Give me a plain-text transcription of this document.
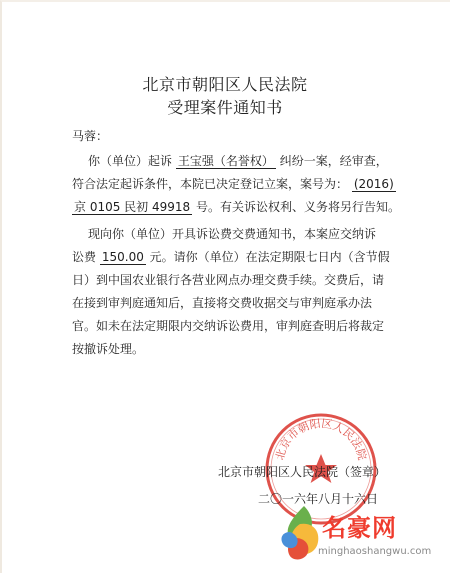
北京市朝阳区人民法院
受理案件通知书
马蓉：
你（单位）起诉 王宝强（名誉权） 纠纷一案，经审查，
符合法定起诉条件，本院已决定登记立案，案号为： (2016)
京 0105 民初 49918 号。有关诉讼权利、义务将另行告知。
现向你（单位）开具诉讼费交费通知书，本案应交纳诉
讼费 150.00 元。请你（单位）在法定期限七日内（含节假
日）到中国农业银行各营业网点办理交费手续。交费后，请
在接到审判庭通知后，直接将交费收据交与审判庭承办法
官。如未在法定期限内交纳诉讼费用，审判庭查明后将裁定
按撤诉处理。
北京市朝阳区人民法院
北京市朝阳区人民法院（签章）
二〇一六年八月十六日
名豪网
minghaoshangwu.com
